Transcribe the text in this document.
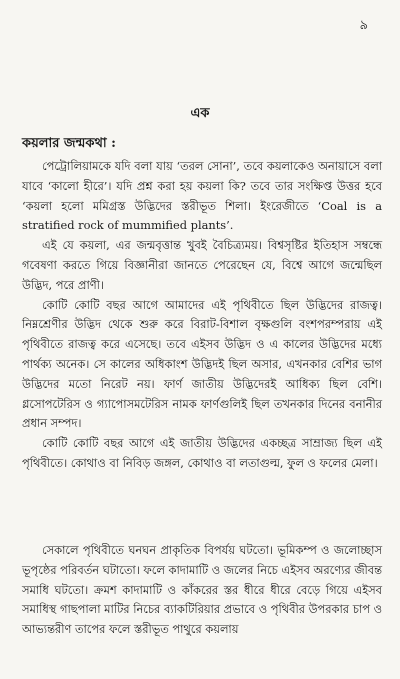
৯
এক
কয়লার জন্মকথা :

পেট্রোলিয়ামকে যদি বলা যায় ‘তরল সোনা’, তবে কয়লাকেও অনায়াসে বলা যাবে ‘কালো হীরে’। যদি প্রশ্ন করা হয় কয়লা কি? তবে তার সংক্ষিপ্ত উত্তর হবে ‘কয়লা হলো মমিগ্রস্ত উদ্ভিদের স্তরীভূত শিলা। ইংরেজীতে ‘Coal is a stratified rock of mummified plants’.

এই যে কয়লা, এর জন্মবৃত্তান্ত খুবই বৈচিত্র্যময়। বিশ্বসৃষ্টির ইতিহাস সম্বন্ধে গবেষণা করতে গিয়ে বিজ্ঞানীরা জানতে পেরেছেন যে, বিশ্বে আগে জন্মেছিল উদ্ভিদ, পরে প্রাণী।

কোটি কোটি বছর আগে আমাদের এই পৃথিবীতে ছিল উদ্ভিদের রাজত্ব। নিম্নশ্রেণীর উদ্ভিদ থেকে শুরু করে বিরাট-বিশাল বৃক্ষগুলি বংশপরম্পরায় এই পৃথিবীতে রাজত্ব করে এসেছে। তবে এইসব উদ্ভিদ ও এ কালের উদ্ভিদের মধ্যে পার্থক্য অনেক। সে কালের অধিকাংশ উদ্ভিদই ছিল অসার, এখনকার বেশির ভাগ উদ্ভিদের মতো নিরেট নয়। ফার্ণ জাতীয় উদ্ভিদেরই আধিক্য ছিল বেশি। গ্লসোপটেরিস ও গ্যাপোসমটেরিস নামক ফার্ণগুলিই ছিল তখনকার দিনের বনানীর প্রধান সম্পদ।

কোটি কোটি বছর আগে এই জাতীয় উদ্ভিদের একচ্ছত্র সাম্রাজ্য ছিল এই পৃথিবীতে। কোথাও বা নিবিড় জঙ্গল, কোথাও বা লতাগুল্ম, ফুল ও ফলের মেলা।

সেকালে পৃথিবীতে ঘনঘন প্রাকৃতিক বিপর্যয় ঘটতো। ভূমিকম্প ও জলোচ্ছাস ভূপৃষ্ঠের পরিবর্তন ঘটাতো। ফলে কাদামাটি ও জলের নিচে এইসব অরণ্যের জীবন্ত সমাধি ঘটতো। ক্রমশ কাদামাটি ও কাঁকরের স্তর ধীরে ধীরে বেড়ে গিয়ে এইসব সমাধিস্থ গাছপালা মাটির নিচের ব্যাকটিরিয়ার প্রভাবে ও পৃথিবীর উপরকার চাপ ও আভ্যন্তরীণ তাপের ফলে স্তরীভূত পাথুরে কয়লায়
